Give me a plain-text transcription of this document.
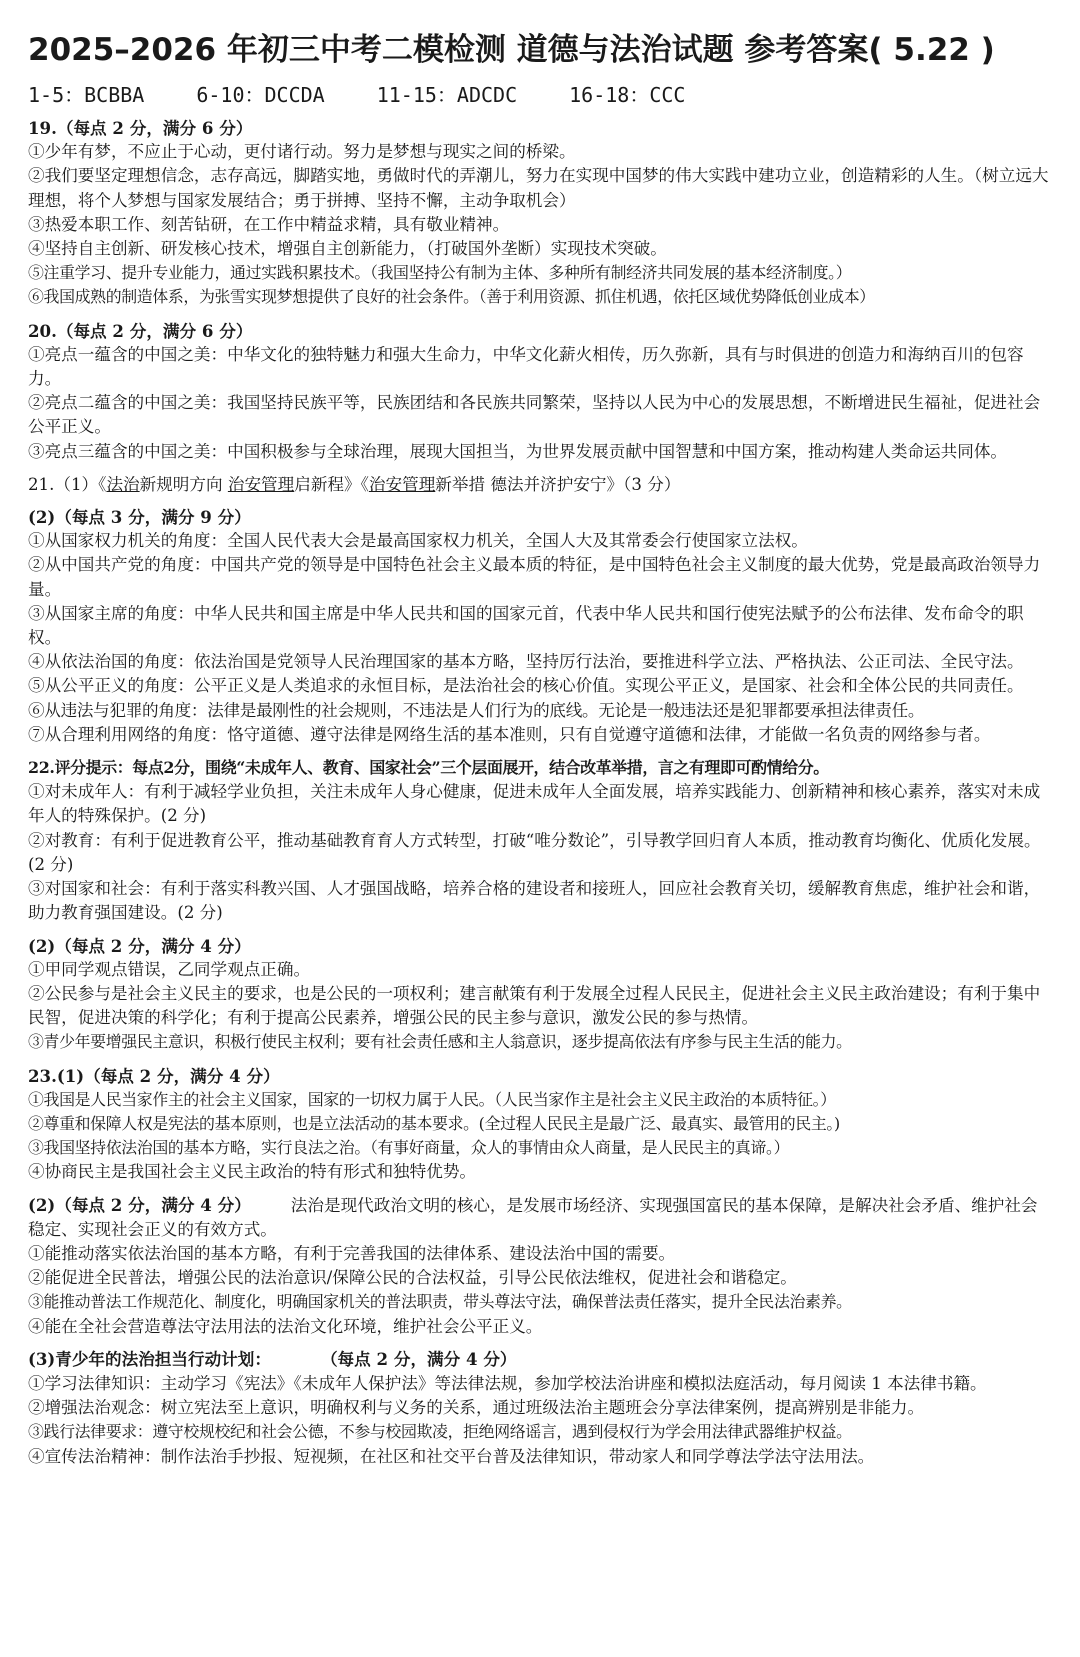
2025–2026 年初三中考二模检测 道德与法治试题 参考答案( 5.22 )
1-5：BCBBA	6-10：DCCDA	11-15：ADCDC	16-18：CCC

19.（每点 2 分，满分 6 分）

①少年有梦，不应止于心动，更付诸行动。努力是梦想与现实之间的桥梁。

②我们要坚定理想信念，志存高远，脚踏实地，勇做时代的弄潮儿，努力在实现中国梦的伟大实践中建功立业，创造精彩的人生。（树立远大理想，将个人梦想与国家发展结合；勇于拼搏、坚持不懈，主动争取机会）

③热爱本职工作、刻苦钻研，在工作中精益求精，具有敬业精神。

④坚持自主创新、研发核心技术，增强自主创新能力，（打破国外垄断）实现技术突破。

⑤注重学习、提升专业能力，通过实践积累技术。（我国坚持公有制为主体、多种所有制经济共同发展的基本经济制度。）

⑥我国成熟的制造体系，为张雪实现梦想提供了良好的社会条件。（善于利用资源、抓住机遇，依托区域优势降低创业成本）

20.（每点 2 分，满分 6 分）

①亮点一蕴含的中国之美：中华文化的独特魅力和强大生命力，中华文化薪火相传，历久弥新，具有与时俱进的创造力和海纳百川的包容力。

②亮点二蕴含的中国之美：我国坚持民族平等，民族团结和各民族共同繁荣，坚持以人民为中心的发展思想，不断增进民生福祉，促进社会公平正义。

③亮点三蕴含的中国之美：中国积极参与全球治理，展现大国担当，为世界发展贡献中国智慧和中国方案，推动构建人类命运共同体。

21.（1）《法治新规明方向 治安管理启新程》《治安管理新举措 德法并济护安宁》（3 分）

(2)（每点 3 分，满分 9 分）

①从国家权力机关的角度：全国人民代表大会是最高国家权力机关，全国人大及其常委会行使国家立法权。

②从中国共产党的角度：中国共产党的领导是中国特色社会主义最本质的特征，是中国特色社会主义制度的最大优势，党是最高政治领导力量。

③从国家主席的角度：中华人民共和国主席是中华人民共和国的国家元首，代表中华人民共和国行使宪法赋予的公布法律、发布命令的职权。

④从依法治国的角度：依法治国是党领导人民治理国家的基本方略，坚持厉行法治，要推进科学立法、严格执法、公正司法、全民守法。

⑤从公平正义的角度：公平正义是人类追求的永恒目标，是法治社会的核心价值。实现公平正义，是国家、社会和全体公民的共同责任。

⑥从违法与犯罪的角度：法律是最刚性的社会规则，不违法是人们行为的底线。无论是一般违法还是犯罪都要承担法律责任。

⑦从合理利用网络的角度：恪守道德、遵守法律是网络生活的基本准则，只有自觉遵守道德和法律，才能做一名负责的网络参与者。

22.评分提示：每点2分，围绕“未成年人、教育、国家社会”三个层面展开，结合改革举措，言之有理即可酌情给分。

①对未成年人：有利于减轻学业负担，关注未成年人身心健康，促进未成年人全面发展，培养实践能力、创新精神和核心素养，落实对未成年人的特殊保护。(2 分)

②对教育：有利于促进教育公平，推动基础教育育人方式转型，打破“唯分数论”，引导教学回归育人本质，推动教育均衡化、优质化发展。(2 分)

③对国家和社会：有利于落实科教兴国、人才强国战略，培养合格的建设者和接班人，回应社会教育关切，缓解教育焦虑，维护社会和谐，助力教育强国建设。(2 分)

(2)（每点 2 分，满分 4 分）

①甲同学观点错误，乙同学观点正确。

②公民参与是社会主义民主的要求，也是公民的一项权利；建言献策有利于发展全过程人民民主，促进社会主义民主政治建设；有利于集中民智，促进决策的科学化；有利于提高公民素养，增强公民的民主参与意识，激发公民的参与热情。

③青少年要增强民主意识，积极行使民主权利；要有社会责任感和主人翁意识，逐步提高依法有序参与民主生活的能力。

23.(1)（每点 2 分，满分 4 分）

①我国是人民当家作主的社会主义国家，国家的一切权力属于人民。（人民当家作主是社会主义民主政治的本质特征。）

②尊重和保障人权是宪法的基本原则，也是立法活动的基本要求。(全过程人民民主是最广泛、最真实、最管用的民主。)

③我国坚持依法治国的基本方略，实行良法之治。（有事好商量，众人的事情由众人商量，是人民民主的真谛。）

④协商民主是我国社会主义民主政治的特有形式和独特优势。

(2)（每点 2 分，满分 4 分） 法治是现代政治文明的核心，是发展市场经济、实现强国富民的基本保障，是解决社会矛盾、维护社会稳定、实现社会正义的有效方式。

①能推动落实依法治国的基本方略，有利于完善我国的法律体系、建设法治中国的需要。

②能促进全民普法，增强公民的法治意识/保障公民的合法权益，引导公民依法维权，促进社会和谐稳定。

③能推动普法工作规范化、制度化，明确国家机关的普法职责，带头尊法守法，确保普法责任落实，提升全民法治素养。

④能在全社会营造尊法守法用法的法治文化环境，维护社会公平正义。

(3)青少年的法治担当行动计划：	（每点 2 分，满分 4 分）

①学习法律知识：主动学习《宪法》《未成年人保护法》等法律法规，参加学校法治讲座和模拟法庭活动，每月阅读 1 本法律书籍。

②增强法治观念：树立宪法至上意识，明确权利与义务的关系，通过班级法治主题班会分享法律案例，提高辨别是非能力。

③践行法律要求：遵守校规校纪和社会公德，不参与校园欺凌，拒绝网络谣言，遇到侵权行为学会用法律武器维护权益。

④宣传法治精神：制作法治手抄报、短视频，在社区和社交平台普及法律知识，带动家人和同学尊法学法守法用法。
